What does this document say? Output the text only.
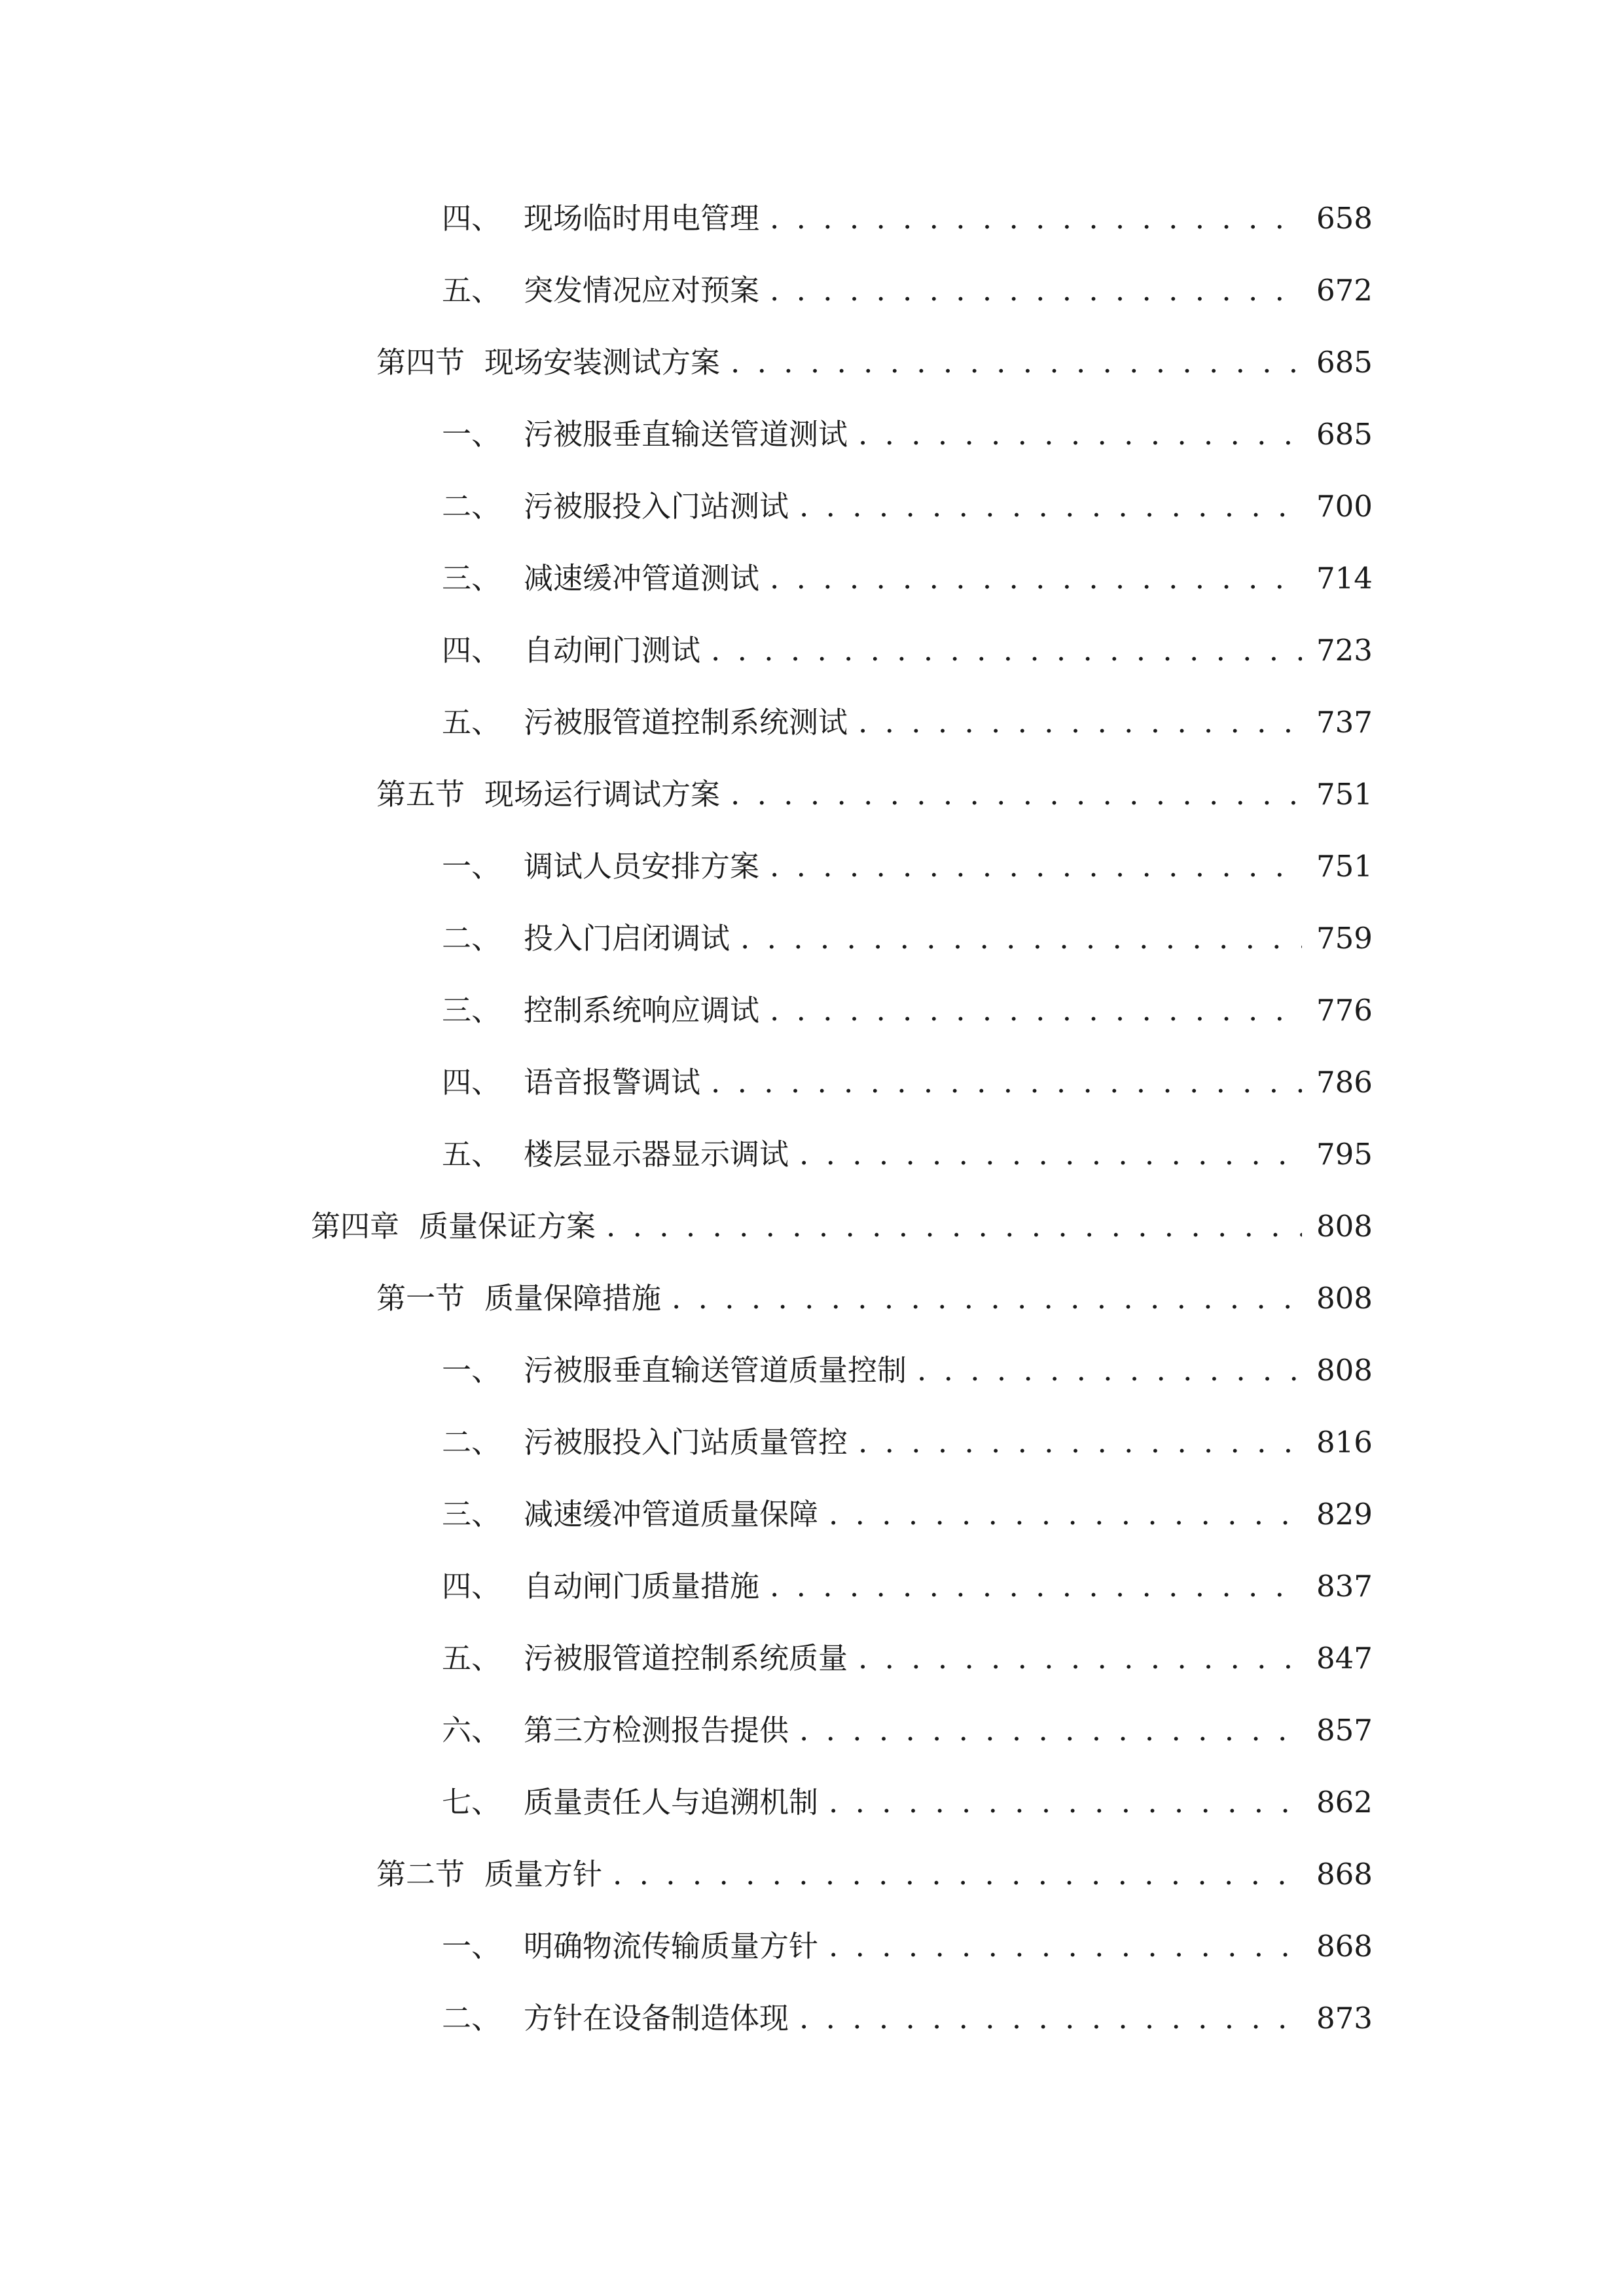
四、 现场临时用电管理 . . .	658
五、 突发情况应对预案 . . .	672
第四节 现场安装测试方案 . . .	685
一、 污被服垂直输送管道测试 . . .	685
二、 污被服投入门站测试 . . .	700
三、 减速缓冲管道测试 . . .	714
四、 自动闸门测试 . . .	723
五、 污被服管道控制系统测试 . . .	737
第五节 现场运行调试方案 . . .	751
一、 调试人员安排方案 . . .	751
二、 投入门启闭调试 . . .	759
三、 控制系统响应调试 . . .	776
四、 语音报警调试 . . .	786
五、 楼层显示器显示调试 . . .	795
第四章 质量保证方案 . . .	808
第一节 质量保障措施 . . .	808
一、 污被服垂直输送管道质量控制 . . .	808
二、 污被服投入门站质量管控 . . .	816
三、 减速缓冲管道质量保障 . . .	829
四、 自动闸门质量措施 . . .	837
五、 污被服管道控制系统质量 . . .	847
六、 第三方检测报告提供 . . .	857
七、 质量责任人与追溯机制 . . .	862
第二节 质量方针 . . .	868
一、 明确物流传输质量方针 . . .	868
二、 方针在设备制造体现 . . .	873
